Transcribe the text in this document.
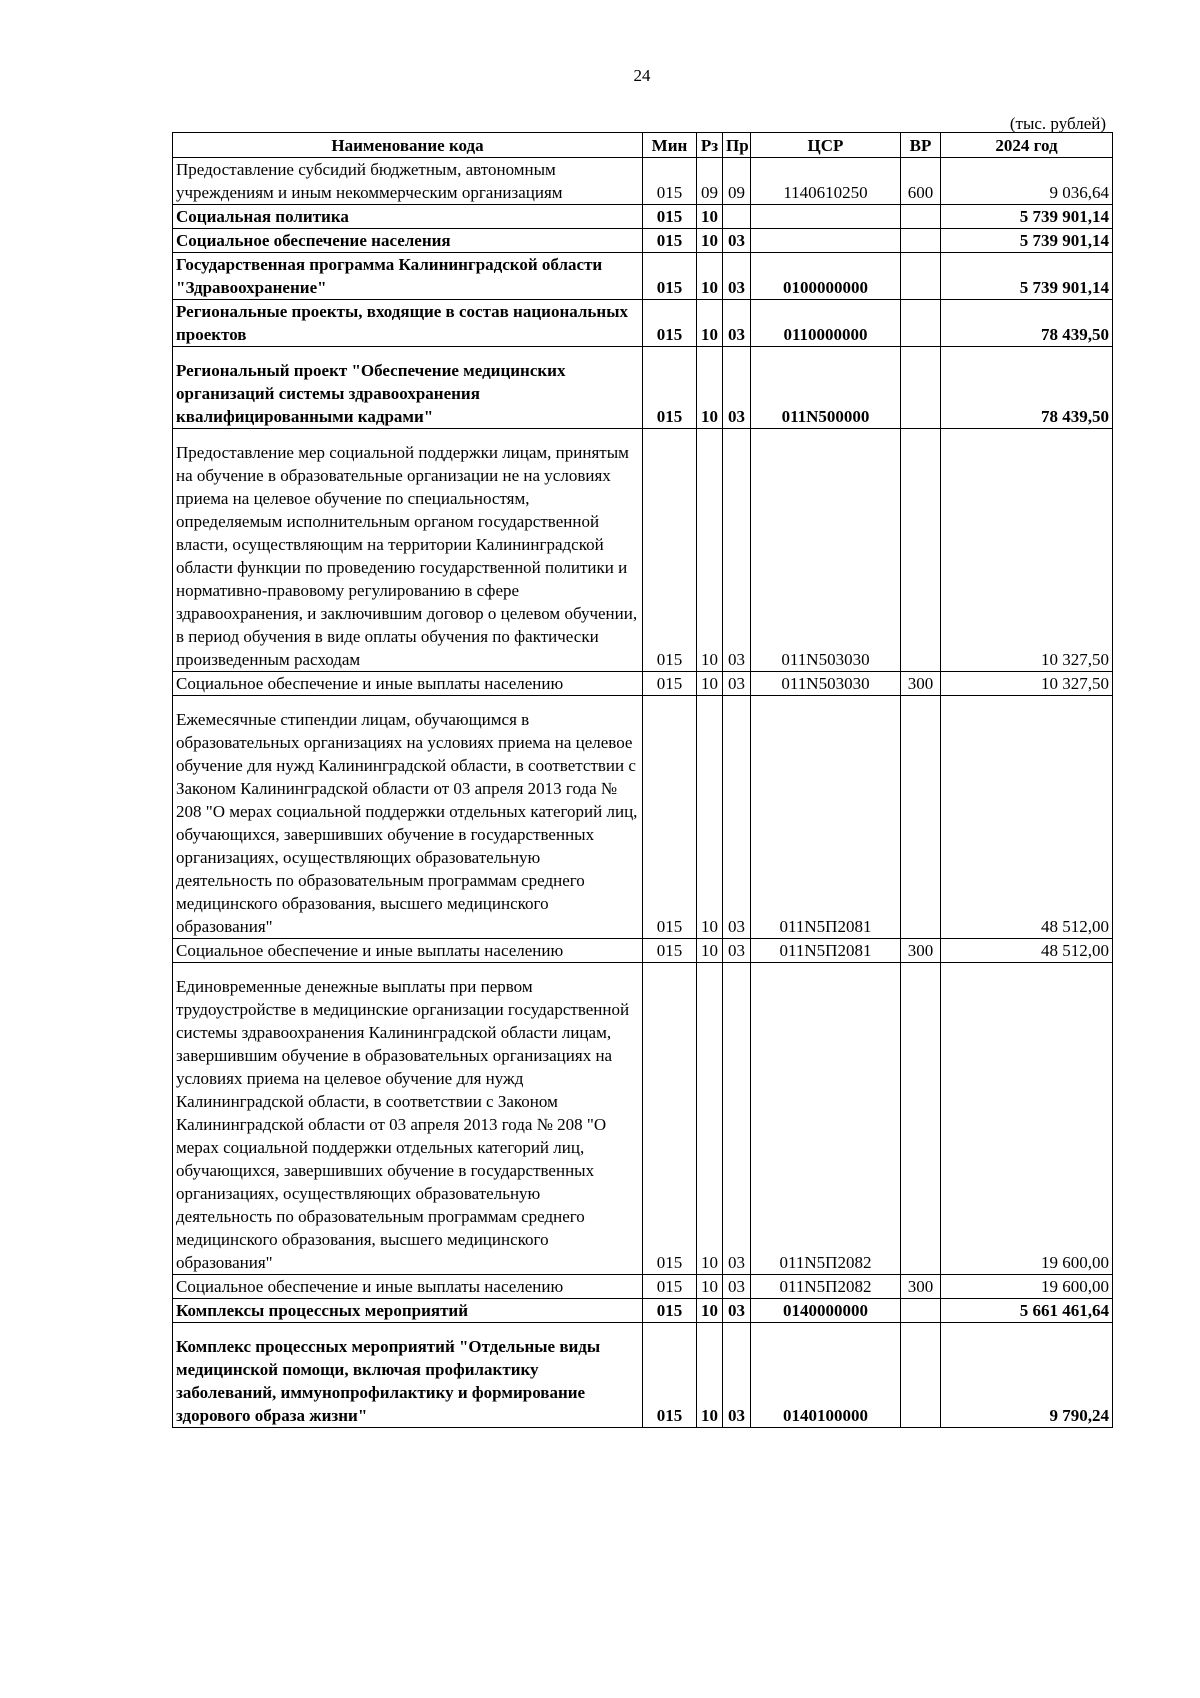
24
(тыс. рублей)
Наименование кода	Мин	Рз	Пр	ЦСР	ВР	2024 год
Предоставление субсидий бюджетным, автономным учреждениям и иным некоммерческим организациям	015	09	09	1140610250	600	9 036,64
Социальная политика	015	10				5 739 901,14
Социальное обеспечение населения	015	10	03			5 739 901,14
Государственная программа Калининградской области "Здравоохранение"	015	10	03	0100000000		5 739 901,14
Региональные проекты, входящие в состав национальных проектов	015	10	03	0110000000		78 439,50
Региональный проект "Обеспечение медицинских организаций системы здравоохранения квалифицированными кадрами"	015	10	03	011N500000		78 439,50
Предоставление мер социальной поддержки лицам, принятым на обучение в образовательные организации не на условиях приема на целевое обучение по специальностям, определяемым исполнительным органом государственной власти, осуществляющим на территории Калининградской области функции по проведению государственной политики и нормативно-правовому регулированию в сфере здравоохранения, и заключившим договор о целевом обучении, в период обучения в виде оплаты обучения по фактически произведенным расходам	015	10	03	011N503030		10 327,50
Социальное обеспечение и иные выплаты населению	015	10	03	011N503030	300	10 327,50
Ежемесячные стипендии лицам, обучающимся в образовательных организациях на условиях приема на целевое обучение для нужд Калининградской области, в соответствии с Законом Калининградской области от 03 апреля 2013 года № 208 "О мерах социальной поддержки отдельных категорий лиц, обучающихся, завершивших обучение в государственных организациях, осуществляющих образовательную деятельность по образовательным программам среднего медицинского образования, высшего медицинского образования"	015	10	03	011N5П2081		48 512,00
Социальное обеспечение и иные выплаты населению	015	10	03	011N5П2081	300	48 512,00
Единовременные денежные выплаты при первом трудоустройстве в медицинские организации государственной системы здравоохранения Калининградской области лицам, завершившим обучение в образовательных организациях на условиях приема на целевое обучение для нужд Калининградской области, в соответствии с Законом Калининградской области от 03 апреля 2013 года № 208 "О мерах социальной поддержки отдельных категорий лиц, обучающихся, завершивших обучение в государственных организациях, осуществляющих образовательную деятельность по образовательным программам среднего медицинского образования, высшего медицинского образования"	015	10	03	011N5П2082		19 600,00
Социальное обеспечение и иные выплаты населению	015	10	03	011N5П2082	300	19 600,00
Комплексы процессных мероприятий	015	10	03	0140000000		5 661 461,64
Комплекс процессных мероприятий "Отдельные виды медицинской помощи, включая профилактику заболеваний, иммунопрофилактику и формирование здорового образа жизни"	015	10	03	0140100000		9 790,24
